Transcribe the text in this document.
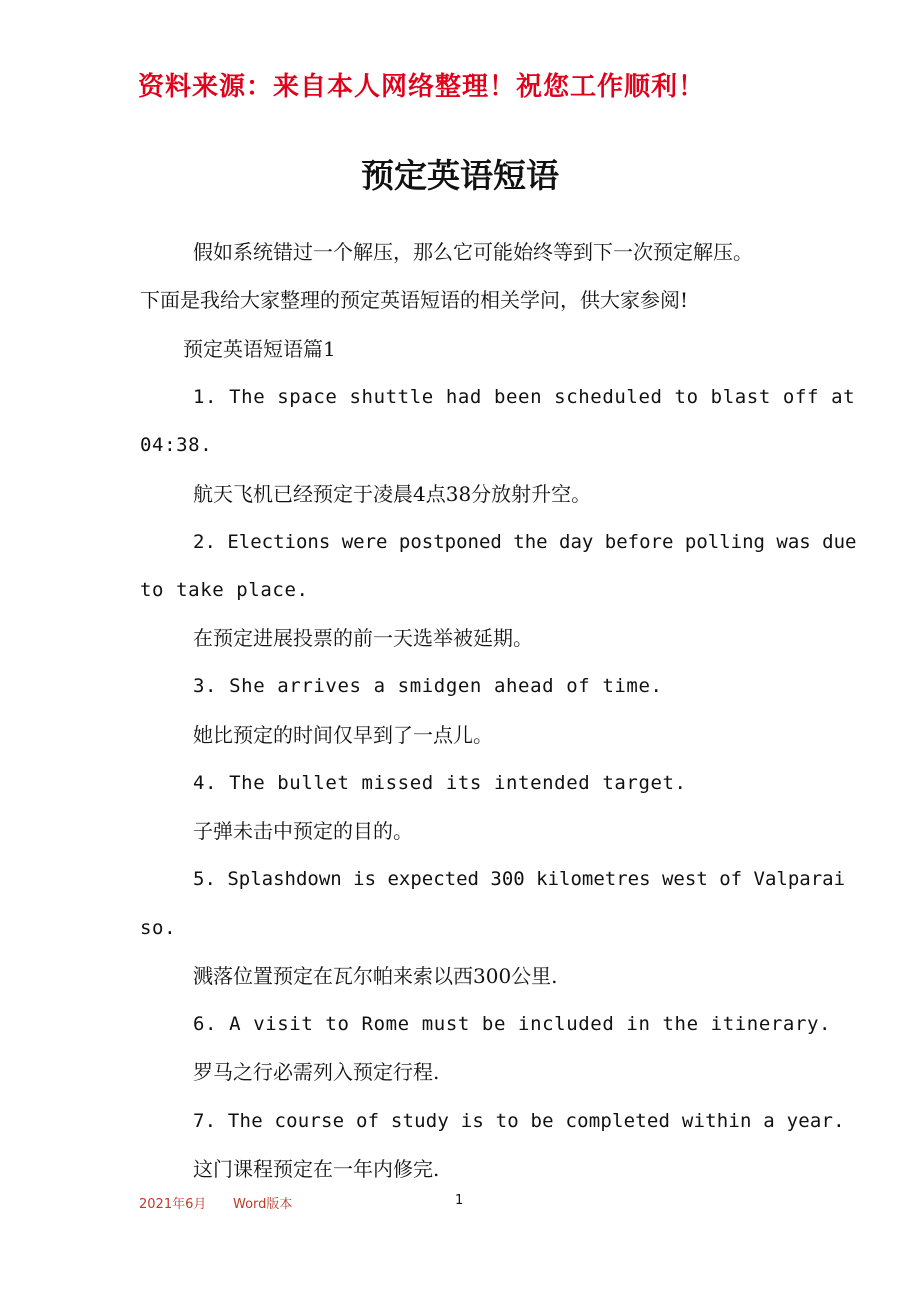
资料来源：来自本人网络整理！祝您工作顺利！
预定英语短语
假如系统错过一个解压，那么它可能始终等到下一次预定解压。
下面是我给大家整理的预定英语短语的相关学问，供大家参阅!
预定英语短语篇1
1. The space shuttle had been scheduled to blast off at
04:38.
航天飞机已经预定于凌晨4点38分放射升空。
2. Elections were postponed the day before polling was due
to take place.
在预定进展投票的前一天选举被延期。
3. She arrives a smidgen ahead of time.
她比预定的时间仅早到了一点儿。
4. The bullet missed its intended target.
子弹未击中预定的目的。
5. Splashdown is expected 300 kilometres west of Valparai
so.
溅落位置预定在瓦尔帕来索以西300公里.
6. A visit to Rome must be included in the itinerary.
罗马之行必需列入预定行程.
7. The course of study is to be completed within a year.
这门课程预定在一年内修完.
2021年6月 Word版本	1
